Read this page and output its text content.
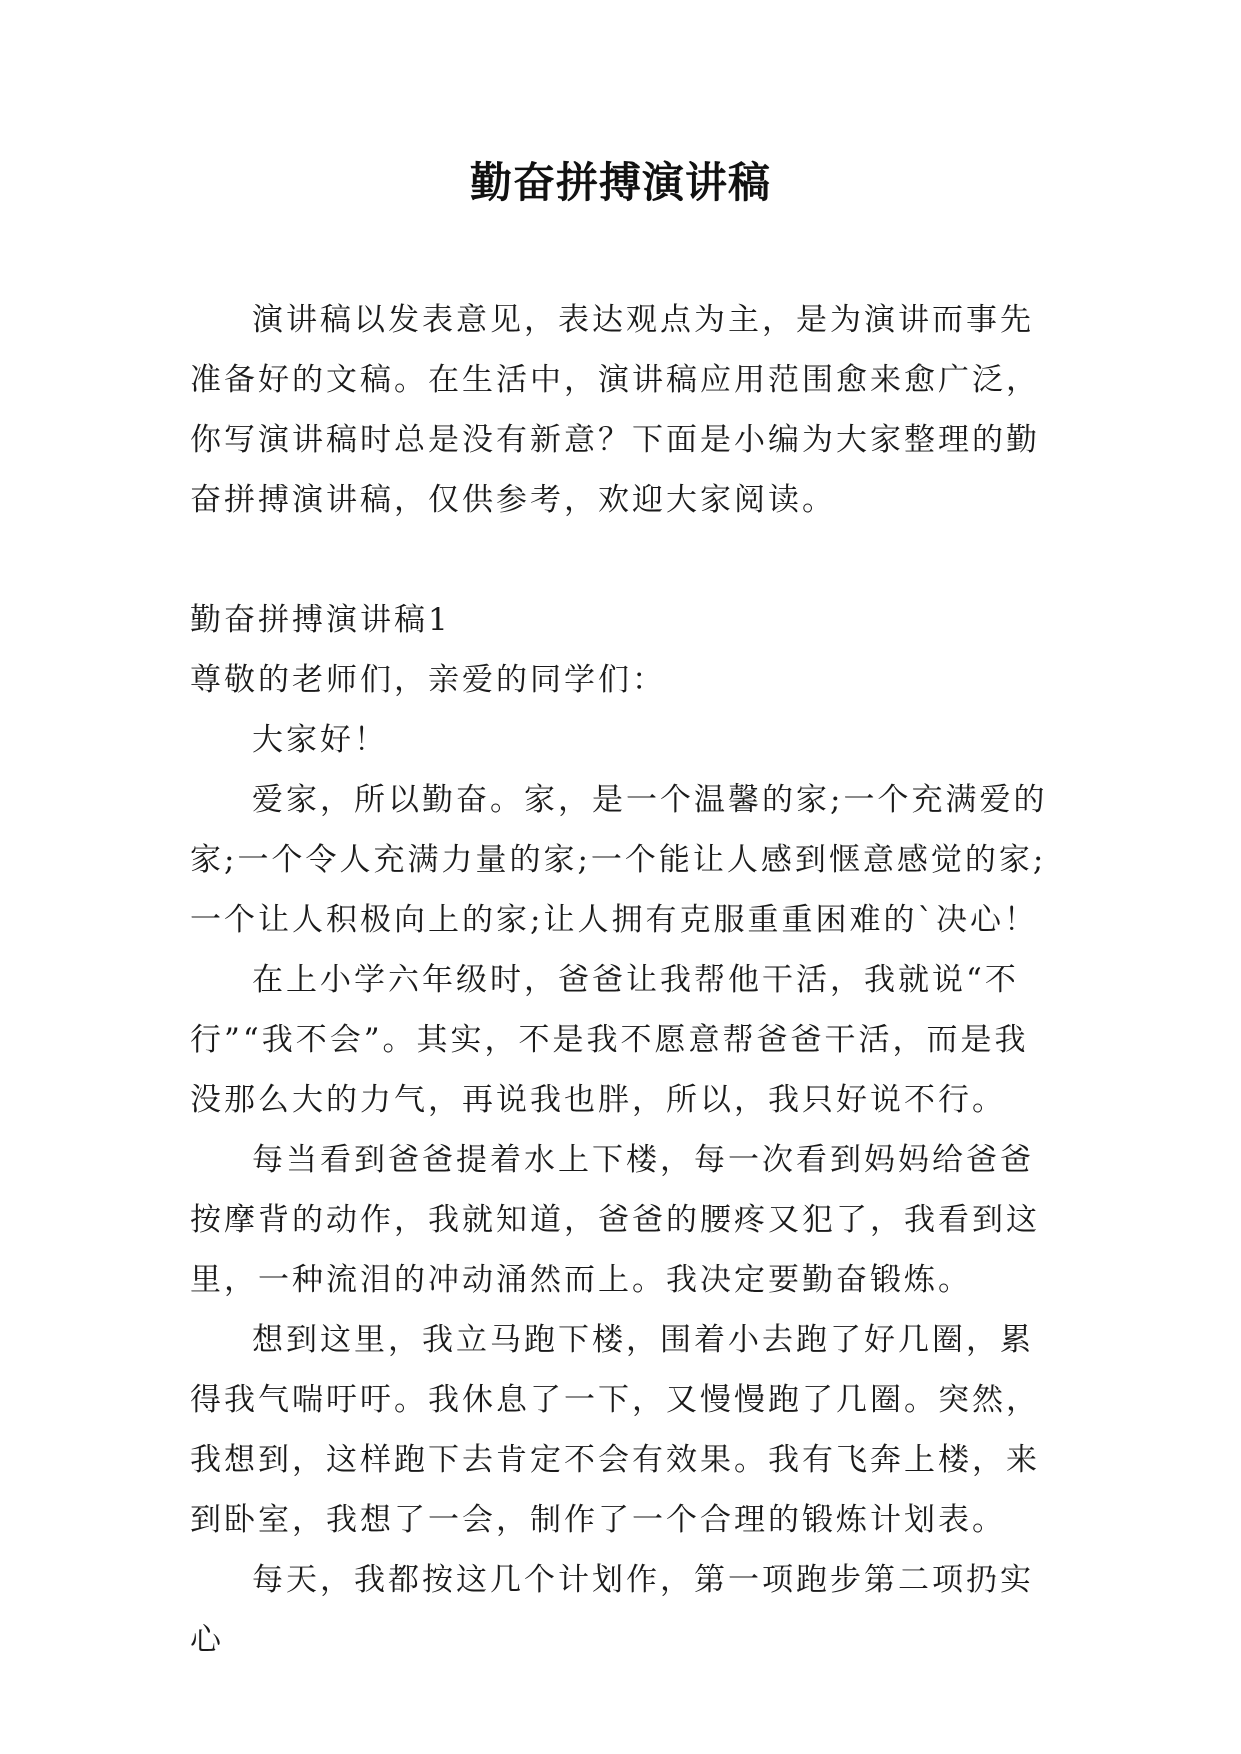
勤奋拼搏演讲稿

演讲稿以发表意见，表达观点为主，是为演讲而事先准备好的文稿。在生活中，演讲稿应用范围愈来愈广泛，你写演讲稿时总是没有新意？下面是小编为大家整理的勤奋拼搏演讲稿，仅供参考，欢迎大家阅读。

勤奋拼搏演讲稿1

尊敬的老师们，亲爱的同学们：

大家好！

爱家，所以勤奋。家，是一个温馨的家;一个充满爱的家;一个令人充满力量的家;一个能让人感到惬意感觉的家;一个让人积极向上的家;让人拥有克服重重困难的`决心！

在上小学六年级时，爸爸让我帮他干活，我就说“不行”“我不会”。其实，不是我不愿意帮爸爸干活，而是我没那么大的力气，再说我也胖，所以，我只好说不行。

每当看到爸爸提着水上下楼，每一次看到妈妈给爸爸按摩背的动作，我就知道，爸爸的腰疼又犯了，我看到这里，一种流泪的冲动涌然而上。我决定要勤奋锻炼。

想到这里，我立马跑下楼，围着小去跑了好几圈，累得我气喘吁吁。我休息了一下，又慢慢跑了几圈。突然，我想到，这样跑下去肯定不会有效果。我有飞奔上楼，来到卧室，我想了一会，制作了一个合理的锻炼计划表。

每天，我都按这几个计划作，第一项跑步第二项扔实心
